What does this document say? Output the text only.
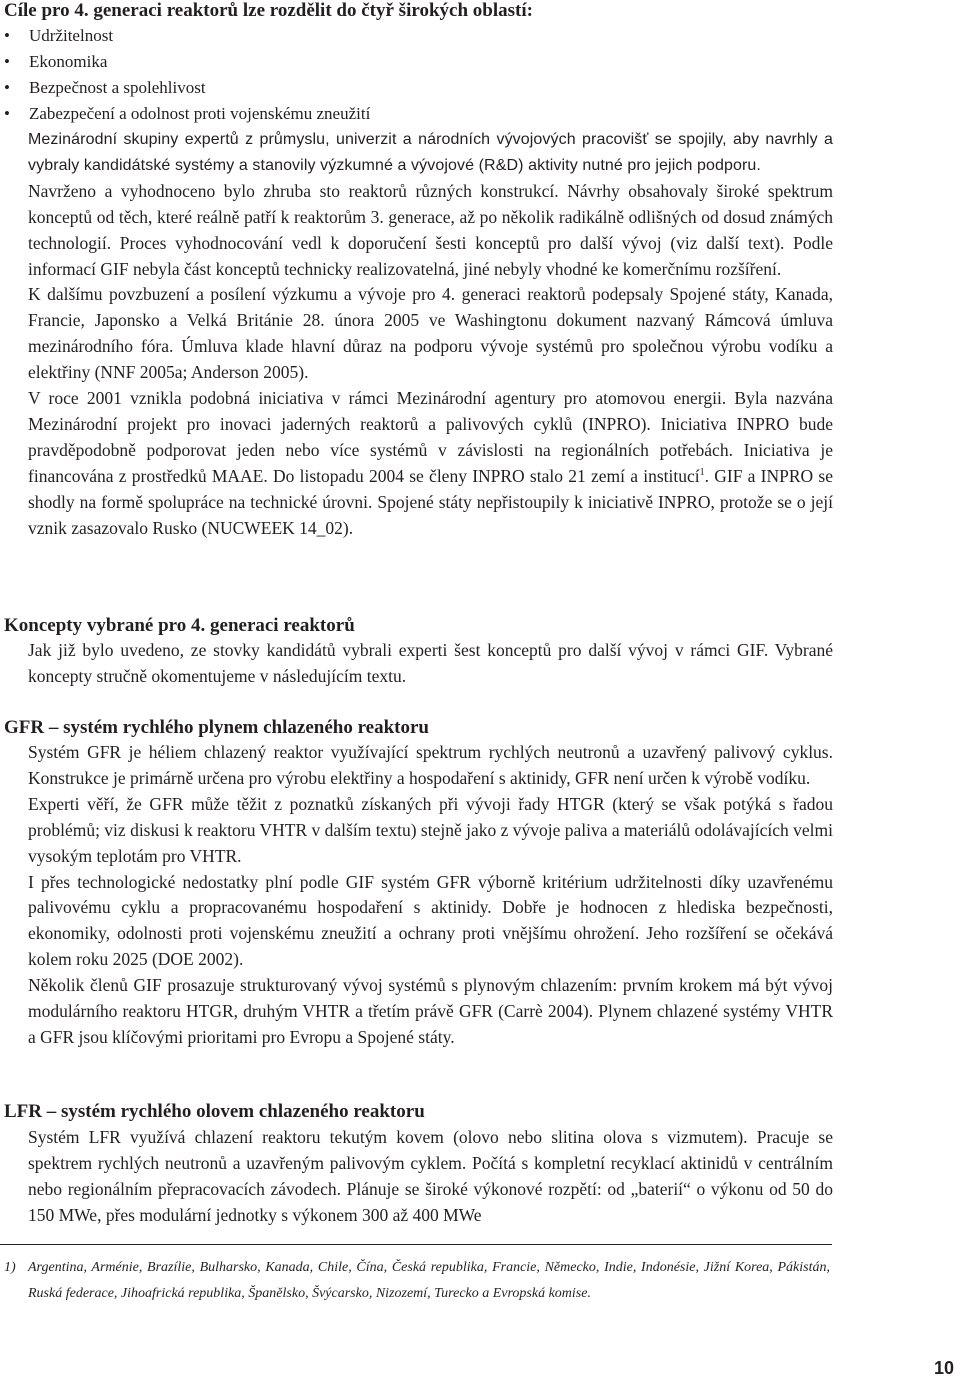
Cíle pro 4. generaci reaktorů lze rozdělit do čtyř širokých oblastí:
• Udržitelnost
• Ekonomika
• Bezpečnost a spolehlivost
• Zabezpečení a odolnost proti vojenskému zneužití

Mezinárodní skupiny expertů z průmyslu, univerzit a národních vývojových pracovišť se spojily, aby navrhly a vybraly kandidátské systémy a stanovily výzkumné a vývojové (R&D) aktivity nutné pro jejich podporu.

Navrženo a vyhodnoceno bylo zhruba sto reaktorů různých konstrukcí. Návrhy obsahovaly široké spektrum konceptů od těch, které reálně patří k reaktorům 3. generace, až po několik radikálně odlišných od dosud známých technologií. Proces vyhodnocování vedl k doporučení šesti konceptů pro další vývoj (viz další text). Podle informací GIF nebyla část konceptů technicky realizovatelná, jiné nebyly vhodné ke komerčnímu rozšíření.

K dalšímu povzbuzení a posílení výzkumu a vývoje pro 4. generaci reaktorů podepsaly Spojené státy, Kanada, Francie, Japonsko a Velká Británie 28. února 2005 ve Washingtonu dokument nazvaný Rámcová úmluva mezinárodního fóra. Úmluva klade hlavní důraz na podporu vývoje systémů pro společnou výrobu vodíku a elektřiny (NNF 2005a; Anderson 2005).

V roce 2001 vznikla podobná iniciativa v rámci Mezinárodní agentury pro atomovou energii. Byla nazvána Mezinárodní projekt pro inovaci jaderných reaktorů a palivových cyklů (INPRO). Iniciativa INPRO bude pravděpodobně podporovat jeden nebo více systémů v závislosti na regionálních potřebách. Iniciativa je financována z prostředků MAAE. Do listopadu 2004 se členy INPRO stalo 21 zemí a institucí$^1$. GIF a INPRO se shodly na formě spolupráce na technické úrovni. Spojené státy nepřistoupily k iniciativě INPRO, protože se o její vznik zasazovalo Rusko (NUCWEEK 14_02).

Koncepty vybrané pro 4. generaci reaktorů

Jak již bylo uvedeno, ze stovky kandidátů vybrali experti šest konceptů pro další vývoj v rámci GIF. Vybrané koncepty stručně okomentujeme v následujícím textu.

GFR – systém rychlého plynem chlazeného reaktoru

Systém GFR je héliem chlazený reaktor využívající spektrum rychlých neutronů a uzavřený palivový cyklus. Konstrukce je primárně určena pro výrobu elektřiny a hospodaření s aktinidy, GFR není určen k výrobě vodíku.

Experti věří, že GFR může těžit z poznatků získaných při vývoji řady HTGR (který se však potýká s řadou problémů; viz diskusi k reaktoru VHTR v dalším textu) stejně jako z vývoje paliva a materiálů odolávajících velmi vysokým teplotám pro VHTR.

I přes technologické nedostatky plní podle GIF systém GFR výborně kritérium udržitelnosti díky uzavřenému palivovému cyklu a propracovanému hospodaření s aktinidy. Dobře je hodnocen z hlediska bezpečnosti, ekonomiky, odolnosti proti vojenskému zneužití a ochrany proti vnějšímu ohrožení. Jeho rozšíření se očekává kolem roku 2025 (DOE 2002).

Několik členů GIF prosazuje strukturovaný vývoj systémů s plynovým chlazením: prvním krokem má být vývoj modulárního reaktoru HTGR, druhým VHTR a třetím právě GFR (Carrè 2004). Plynem chlazené systémy VHTR a GFR jsou klíčovými prioritami pro Evropu a Spojené státy.

LFR – systém rychlého olovem chlazeného reaktoru

Systém LFR využívá chlazení reaktoru tekutým kovem (olovo nebo slitina olova s vizmutem). Pracuje se spektrem rychlých neutronů a uzavřeným palivovým cyklem. Počítá s kompletní recyklací aktinidů v centrálním nebo regionálním přepracovacích závodech. Plánuje se široké výkonové rozpětí: od „baterií“ o výkonu od 50 do 150 MWe, přes modulární jednotky s výkonem 300 až 400 MWe

1) Argentina, Arménie, Brazílie, Bulharsko, Kanada, Chile, Čína, Česká republika, Francie, Německo, Indie, Indonésie, Jižní Korea, Pákistán, Ruská federace, Jihoafrická republika, Španělsko, Švýcarsko, Nizozemí, Turecko a Evropská komise.
10
